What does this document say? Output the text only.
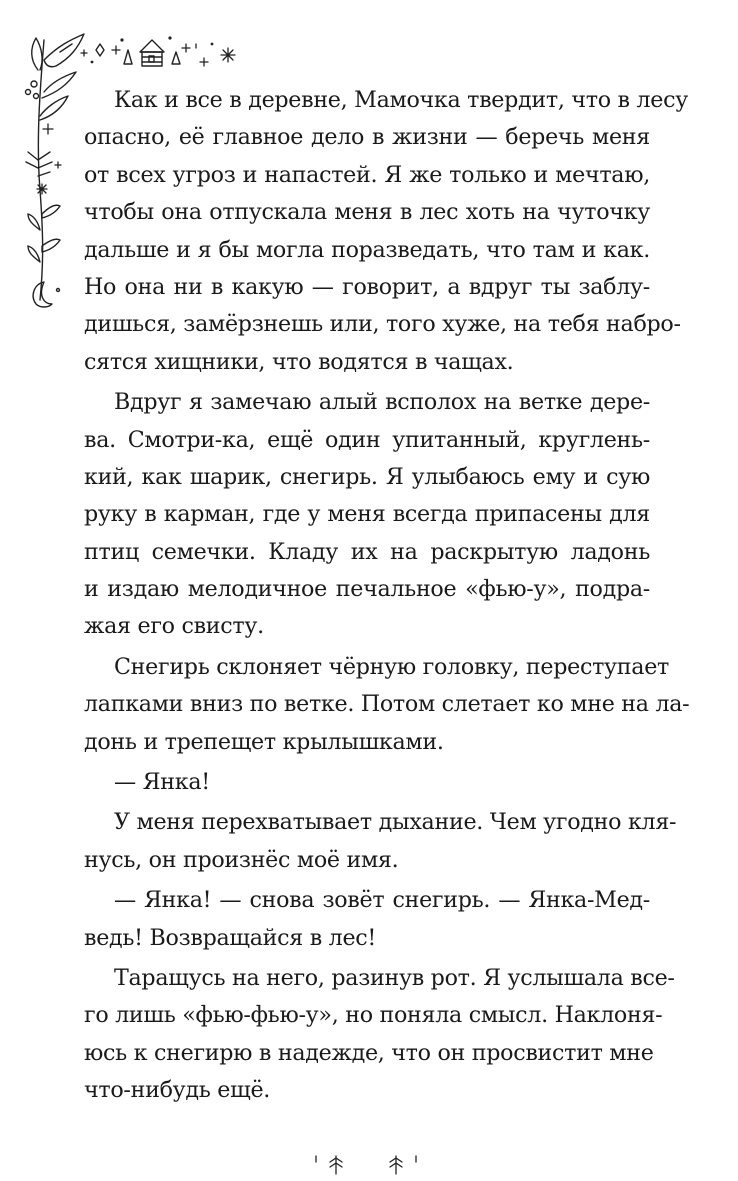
Как и все в деревне, Мамочка твердит, что в лесу
опасно, её главное дело в жизни — беречь меня
от всех угроз и напастей. Я же только и мечтаю,
чтобы она отпускала меня в лес хоть на чуточку
дальше и я бы могла поразведать, что там и как.
Но она ни в какую — говорит, а вдруг ты заблу-
дишься, замёрзнешь или, того хуже, на тебя набро-
сятся хищники, что водятся в чащах.

Вдруг я замечаю алый всполох на ветке дере-
ва. Смотри-ка, ещё один упитанный, круглень-
кий, как шарик, снегирь. Я улыбаюсь ему и сую
руку в карман, где у меня всегда припасены для
птиц семечки. Кладу их на раскрытую ладонь
и издаю мелодичное печальное «фью-у», подра-
жая его свисту.

Снегирь склоняет чёрную головку, переступает
лапками вниз по ветке. Потом слетает ко мне на ла-
донь и трепещет крылышками.

— Янка!

У меня перехватывает дыхание. Чем угодно кля-
нусь, он произнёс моё имя.

— Янка! — снова зовёт снегирь. — Янка-Мед-
ведь! Возвращайся в лес!

Таращусь на него, разинув рот. Я услышала все-
го лишь «фью-фью-у», но поняла смысл. Наклоня-
юсь к снегирю в надежде, что он просвистит мне
что-нибудь ещё.
